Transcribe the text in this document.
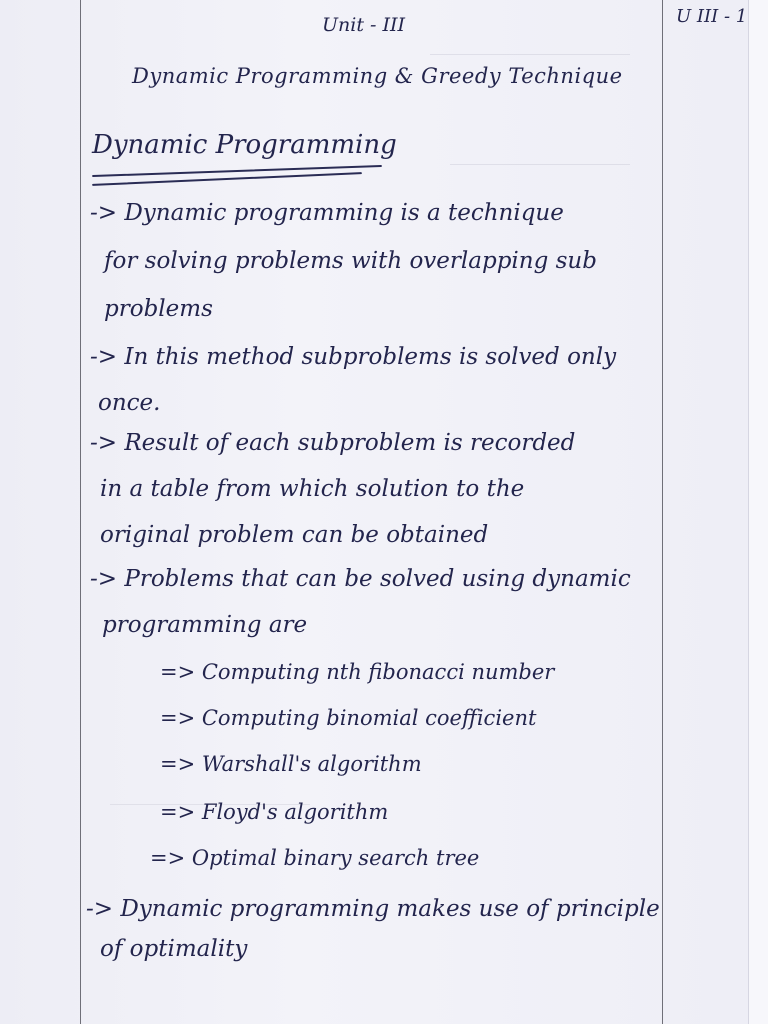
Unit - III	U III - 1
Dynamic Programming & Greedy Technique
Dynamic Programming
-> Dynamic programming is a technique
for solving problems with overlapping sub
problems
-> In this method subproblems is solved only
once.
-> Result of each subproblem is recorded
in a table from which solution to the
original problem can be obtained
-> Problems that can be solved using dynamic
programming are
=> Computing nth fibonacci number
=> Computing binomial coefficient
=> Warshall's algorithm
=> Floyd's algorithm
=> Optimal binary search tree
-> Dynamic programming makes use of principle
of optimality
